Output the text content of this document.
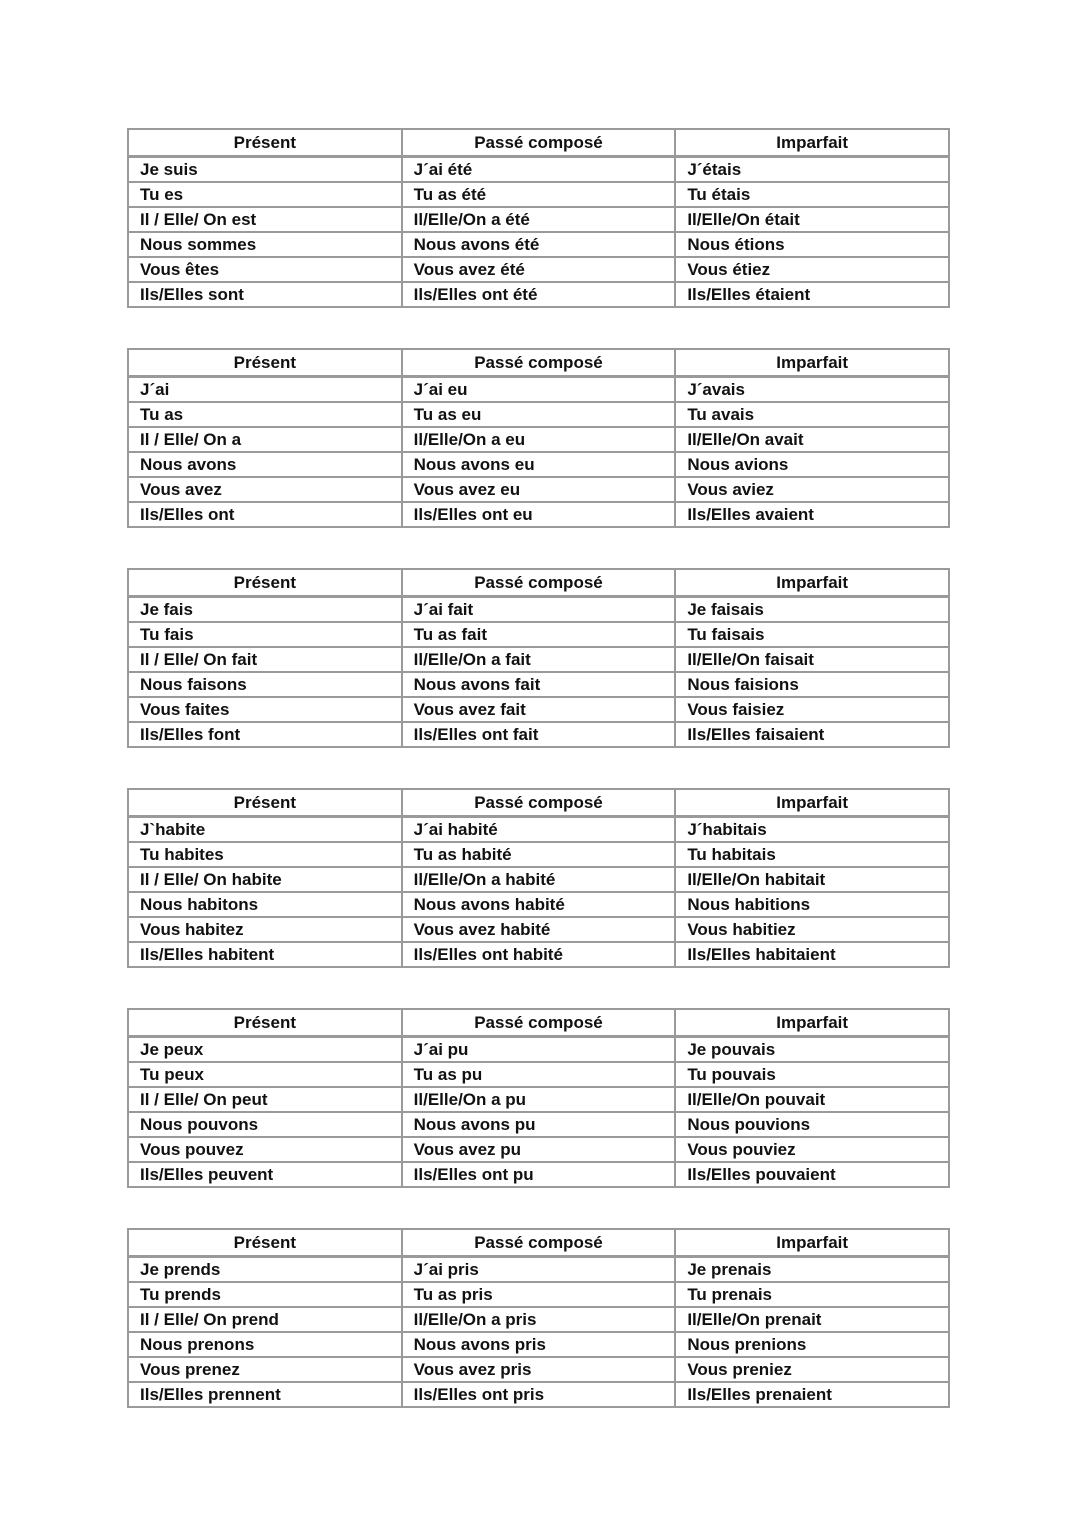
Présent	Passé composé	Imparfait
Je suis	J´ai été	J´étais
Tu es	Tu as été	Tu étais
Il / Elle/ On est	Il/Elle/On a été	Il/Elle/On était
Nous sommes	Nous avons été	Nous étions
Vous êtes	Vous avez été	Vous étiez
Ils/Elles sont	Ils/Elles ont été	Ils/Elles étaient
Présent	Passé composé	Imparfait
J´ai	J´ai eu	J´avais
Tu as	Tu as eu	Tu avais
Il / Elle/ On a	Il/Elle/On a eu	Il/Elle/On avait
Nous avons	Nous avons eu	Nous avions
Vous avez	Vous avez eu	Vous aviez
Ils/Elles ont	Ils/Elles ont eu	Ils/Elles avaient
Présent	Passé composé	Imparfait
Je fais	J´ai fait	Je faisais
Tu fais	Tu as fait	Tu faisais
Il / Elle/ On fait	Il/Elle/On a fait	Il/Elle/On faisait
Nous faisons	Nous avons fait	Nous faisions
Vous faites	Vous avez fait	Vous faisiez
Ils/Elles font	Ils/Elles ont fait	Ils/Elles faisaient
Présent	Passé composé	Imparfait
J`habite	J´ai habité	J´habitais
Tu habites	Tu as habité	Tu habitais
Il / Elle/ On habite	Il/Elle/On a habité	Il/Elle/On habitait
Nous habitons	Nous avons habité	Nous habitions
Vous habitez	Vous avez habité	Vous habitiez
Ils/Elles habitent	Ils/Elles ont habité	Ils/Elles habitaient
Présent	Passé composé	Imparfait
Je peux	J´ai pu	Je pouvais
Tu peux	Tu as pu	Tu pouvais
Il / Elle/ On peut	Il/Elle/On a pu	Il/Elle/On pouvait
Nous pouvons	Nous avons pu	Nous pouvions
Vous pouvez	Vous avez pu	Vous pouviez
Ils/Elles peuvent	Ils/Elles ont pu	Ils/Elles pouvaient
Présent	Passé composé	Imparfait
Je prends	J´ai pris	Je prenais
Tu prends	Tu as pris	Tu prenais
Il / Elle/ On prend	Il/Elle/On a pris	Il/Elle/On prenait
Nous prenons	Nous avons pris	Nous prenions
Vous prenez	Vous avez pris	Vous preniez
Ils/Elles prennent	Ils/Elles ont pris	Ils/Elles prenaient
